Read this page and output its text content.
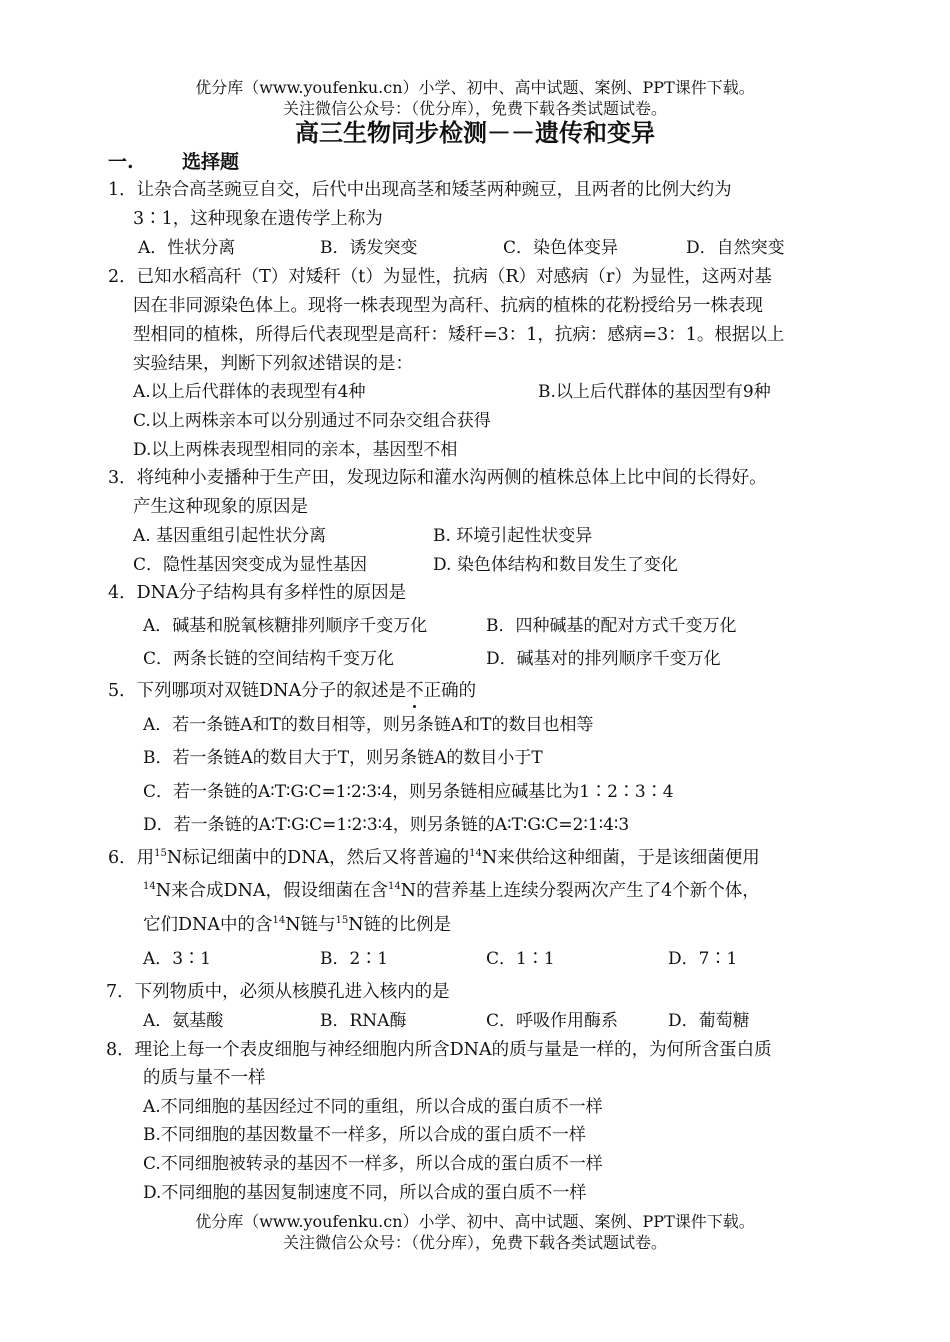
优分库（www.youfenku.cn）小学、初中、高中试题、案例、PPT课件下载。
关注微信公众号：（优分库），免费下载各类试题试卷。
高三生物同步检测－－遗传和变异
一.	选择题
1．让杂合高茎豌豆自交，后代中出现高茎和矮茎两种豌豆，且两者的比例大约为
3∶1，这种现象在遗传学上称为
A．性状分离	B．诱发突变	C．染色体变异	D．自然突变
2．已知水稻高秆（T）对矮秆（t）为显性，抗病（R）对感病（r）为显性，这两对基
因在非同源染色体上。现将一株表现型为高秆、抗病的植株的花粉授给另一株表现
型相同的植株，所得后代表现型是高秆：矮秆=3：1，抗病：感病=3：1。根据以上
实验结果，判断下列叙述错误的是：
A.以上后代群体的表现型有4种	B.以上后代群体的基因型有9种
C.以上两株亲本可以分别通过不同杂交组合获得
D.以上两株表现型相同的亲本，基因型不相
3．将纯种小麦播种于生产田，发现边际和灌水沟两侧的植株总体上比中间的长得好。
产生这种现象的原因是
A. 基因重组引起性状分离	B. 环境引起性状变异
C．隐性基因突变成为显性基因	D. 染色体结构和数目发生了变化
4．DNA分子结构具有多样性的原因是
A．碱基和脱氧核糖排列顺序千变万化	B．四种碱基的配对方式千变万化
C．两条长链的空间结构千变万化	D．碱基对的排列顺序千变万化
5．下列哪项对双链DNA分子的叙述是不正确的
A．若一条链A和T的数目相等，则另条链A和T的数目也相等
B．若一条链A的数目大于T，则另条链A的数目小于T
C．若一条链的A∶T∶G∶C=1∶2∶3∶4，则另条链相应碱基比为1∶2∶3∶4
D．若一条链的A∶T∶G∶C=1∶2∶3∶4，则另条链的A∶T∶G∶C=2∶1∶4∶3
6．用$^{15}$N标记细菌中的DNA，然后又将普遍的$^{14}$N来供给这种细菌，于是该细菌便用
$^{14}$N来合成DNA，假设细菌在含$^{14}$N的营养基上连续分裂两次产生了4个新个体，
它们DNA中的含$^{14}$N链与$^{15}$N链的比例是
A．3∶1	B．2∶1	C．1∶1	D．7∶1
7．下列物质中，必须从核膜孔进入核内的是
A．氨基酸	B．RNA酶	C．呼吸作用酶系	D．葡萄糖
8．理论上每一个表皮细胞与神经细胞内所含DNA的质与量是一样的，为何所含蛋白质
的质与量不一样
A.不同细胞的基因经过不同的重组，所以合成的蛋白质不一样
B.不同细胞的基因数量不一样多，所以合成的蛋白质不一样
C.不同细胞被转录的基因不一样多，所以合成的蛋白质不一样
D.不同细胞的基因复制速度不同，所以合成的蛋白质不一样
优分库（www.youfenku.cn）小学、初中、高中试题、案例、PPT课件下载。
关注微信公众号：（优分库），免费下载各类试题试卷。
